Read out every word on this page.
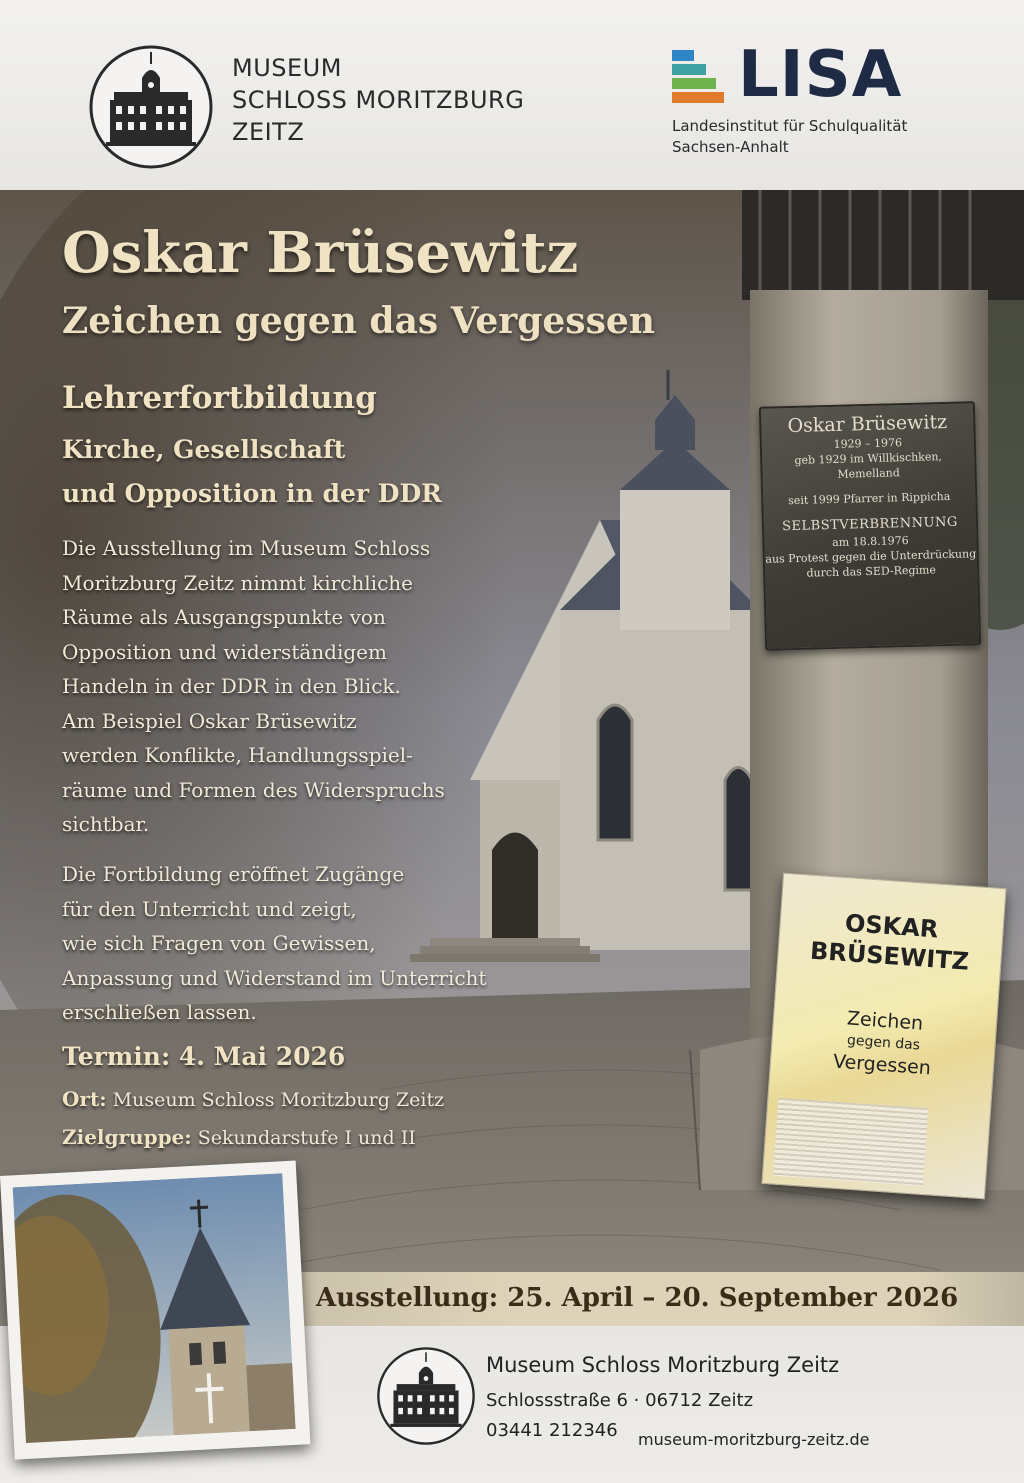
MUSEUM
SCHLOSS MORITZBURG
ZEITZ
LISA
Landesinstitut für Schulqualität
Sachsen-Anhalt
Oskar Brüsewitz
Zeichen gegen das Vergessen
Lehrerfortbildung
Kirche, Gesellschaft
und Opposition in der DDR
Die Ausstellung im Museum Schloss
Moritzburg Zeitz nimmt kirchliche
Räume als Ausgangspunkte von
Opposition und widerständigem
Handeln in der DDR in den Blick.
Am Beispiel Oskar Brüsewitz
werden Konflikte, Handlungsspiel-
räume und Formen des Widerspruchs
sichtbar.
Die Fortbildung eröffnet Zugänge
für den Unterricht und zeigt,
wie sich Fragen von Gewissen,
Anpassung und Widerstand im Unterricht
erschließen lassen.
Termin: 4. Mai 2026
Ort: Museum Schloss Moritzburg Zeitz
Zielgruppe: Sekundarstufe I und II
Oskar Brüsewitz
1929 – 1976
geb 1929 im Willkischken,
Memelland
seit 1999 Pfarrer in Rippicha
SELBSTVERBRENNUNG
am 18.8.1976
aus Protest gegen die Unterdrückung
durch das SED-Regime
OSKAR
BRÜSEWITZ
Zeichen
gegen das
Vergessen
Ausstellung: 25. April – 20. September 2026
Museum Schloss Moritzburg Zeitz
Schlossstraße 6 · 06712 Zeitz
03441 212346 museum-moritzburg-zeitz.de
